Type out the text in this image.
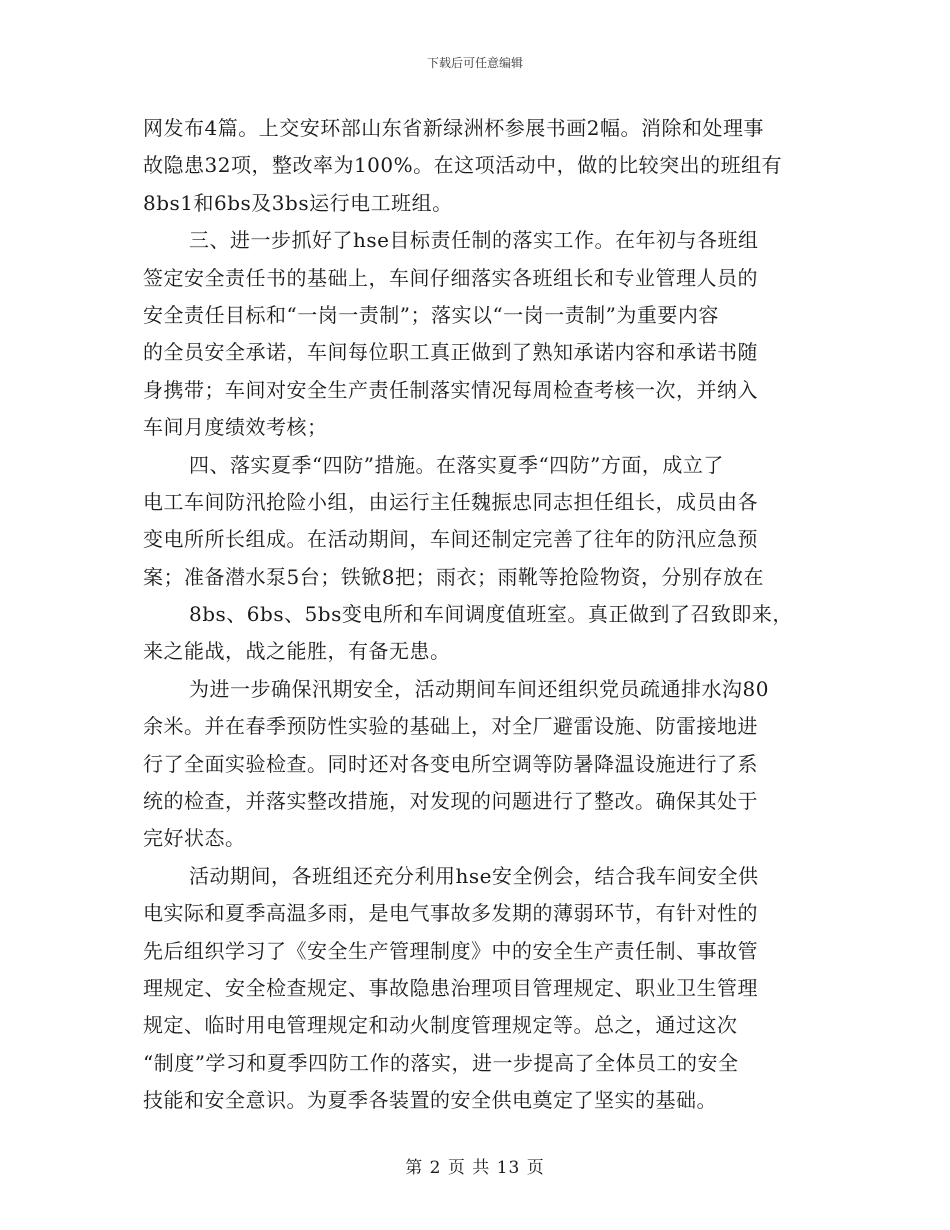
下载后可任意编辑
网发布4篇。上交安环部山东省新绿洲杯参展书画2幅。消除和处理事
故隐患32项，整改率为100%。在这项活动中，做的比较突出的班组有
8bs1和6bs及3bs运行电工班组。
三、进一步抓好了hse目标责任制的落实工作。在年初与各班组
签定安全责任书的基础上，车间仔细落实各班组长和专业管理人员的
安全责任目标和“一岗一责制”；落实以“一岗一责制”为重要内容
的全员安全承诺，车间每位职工真正做到了熟知承诺内容和承诺书随
身携带；车间对安全生产责任制落实情况每周检查考核一次，并纳入
车间月度绩效考核；
四、落实夏季“四防”措施。在落实夏季“四防”方面，成立了
电工车间防汛抢险小组，由运行主任魏振忠同志担任组长，成员由各
变电所所长组成。在活动期间，车间还制定完善了往年的防汛应急预
案；准备潜水泵5台；铁锨8把；雨衣；雨靴等抢险物资，分别存放在
8bs、6bs、5bs变电所和车间调度值班室。真正做到了召致即来，
来之能战，战之能胜，有备无患。
为进一步确保汛期安全，活动期间车间还组织党员疏通排水沟80
余米。并在春季预防性实验的基础上，对全厂避雷设施、防雷接地进
行了全面实验检查。同时还对各变电所空调等防暑降温设施进行了系
统的检查，并落实整改措施，对发现的问题进行了整改。确保其处于
完好状态。
活动期间，各班组还充分利用hse安全例会，结合我车间安全供
电实际和夏季高温多雨，是电气事故多发期的薄弱环节，有针对性的
先后组织学习了《安全生产管理制度》中的安全生产责任制、事故管
理规定、安全检查规定、事故隐患治理项目管理规定、职业卫生管理
规定、临时用电管理规定和动火制度管理规定等。总之，通过这次
“制度”学习和夏季四防工作的落实，进一步提高了全体员工的安全
技能和安全意识。为夏季各装置的安全供电奠定了坚实的基础。
第 2 页 共 13 页
